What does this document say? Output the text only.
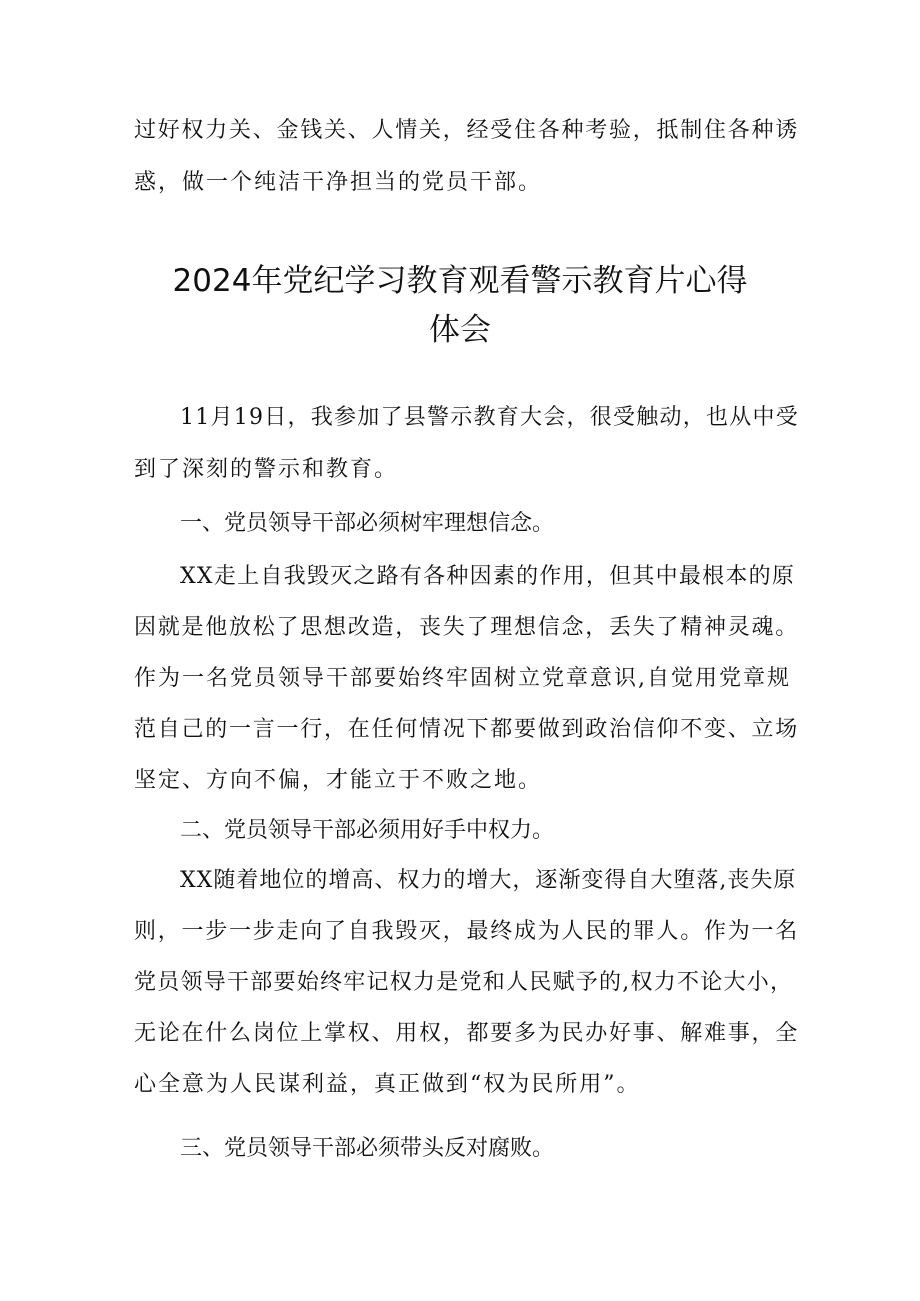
过好权力关、金钱关、人情关，经受住各种考验，抵制住各种诱

惑，做一个纯洁干净担当的党员干部。

2024年党纪学习教育观看警示教育片心得
体会

11月19日，我参加了县警示教育大会，很受触动，也从中受

到了深刻的警示和教育。

一、党员领导干部必须树牢理想信念。

XX走上自我毁灭之路有各种因素的作用，但其中最根本的原

因就是他放松了思想改造，丧失了理想信念，丢失了精神灵魂。

作为一名党员领导干部要始终牢固树立党章意识,自觉用党章规

范自己的一言一行，在任何情况下都要做到政治信仰不变、立场

坚定、方向不偏，才能立于不败之地。

二、党员领导干部必须用好手中权力。

XX随着地位的增高、权力的增大，逐渐变得自大堕落,丧失原

则，一步一步走向了自我毁灭，最终成为人民的罪人。作为一名

党员领导干部要始终牢记权力是党和人民赋予的,权力不论大小，

无论在什么岗位上掌权、用权，都要多为民办好事、解难事，全

心全意为人民谋利益，真正做到“权为民所用”。

三、党员领导干部必须带头反对腐败。
